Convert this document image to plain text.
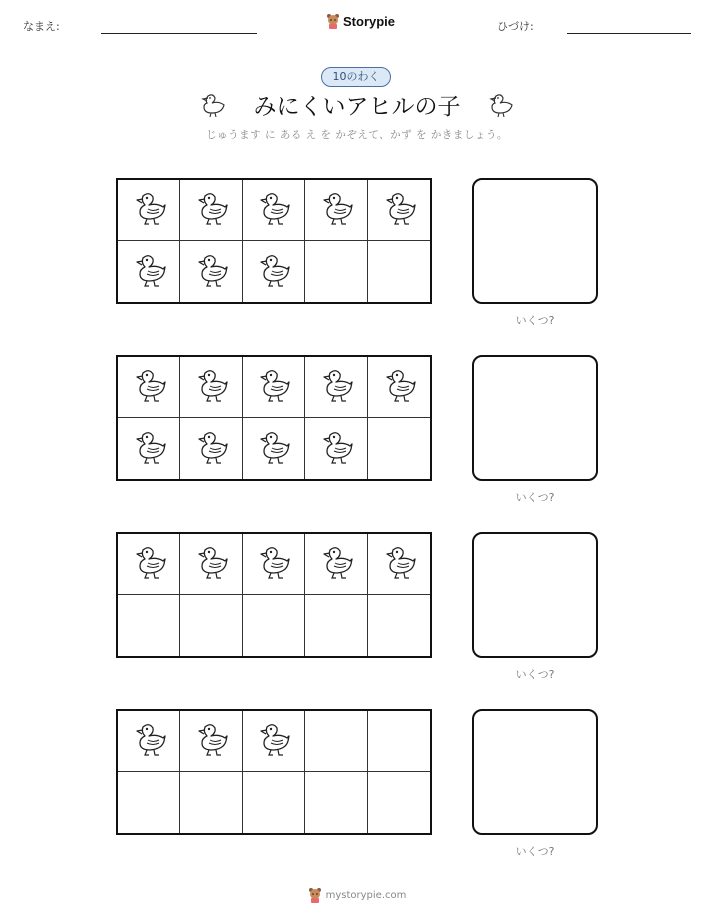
なまえ:	Storypie	ひづけ:
10のわく
みにくいアヒルの子
じゅうます に ある え を かぞえて、かず を かきましょう。
いくつ?
いくつ?
いくつ?
いくつ?
mystorypie.com
